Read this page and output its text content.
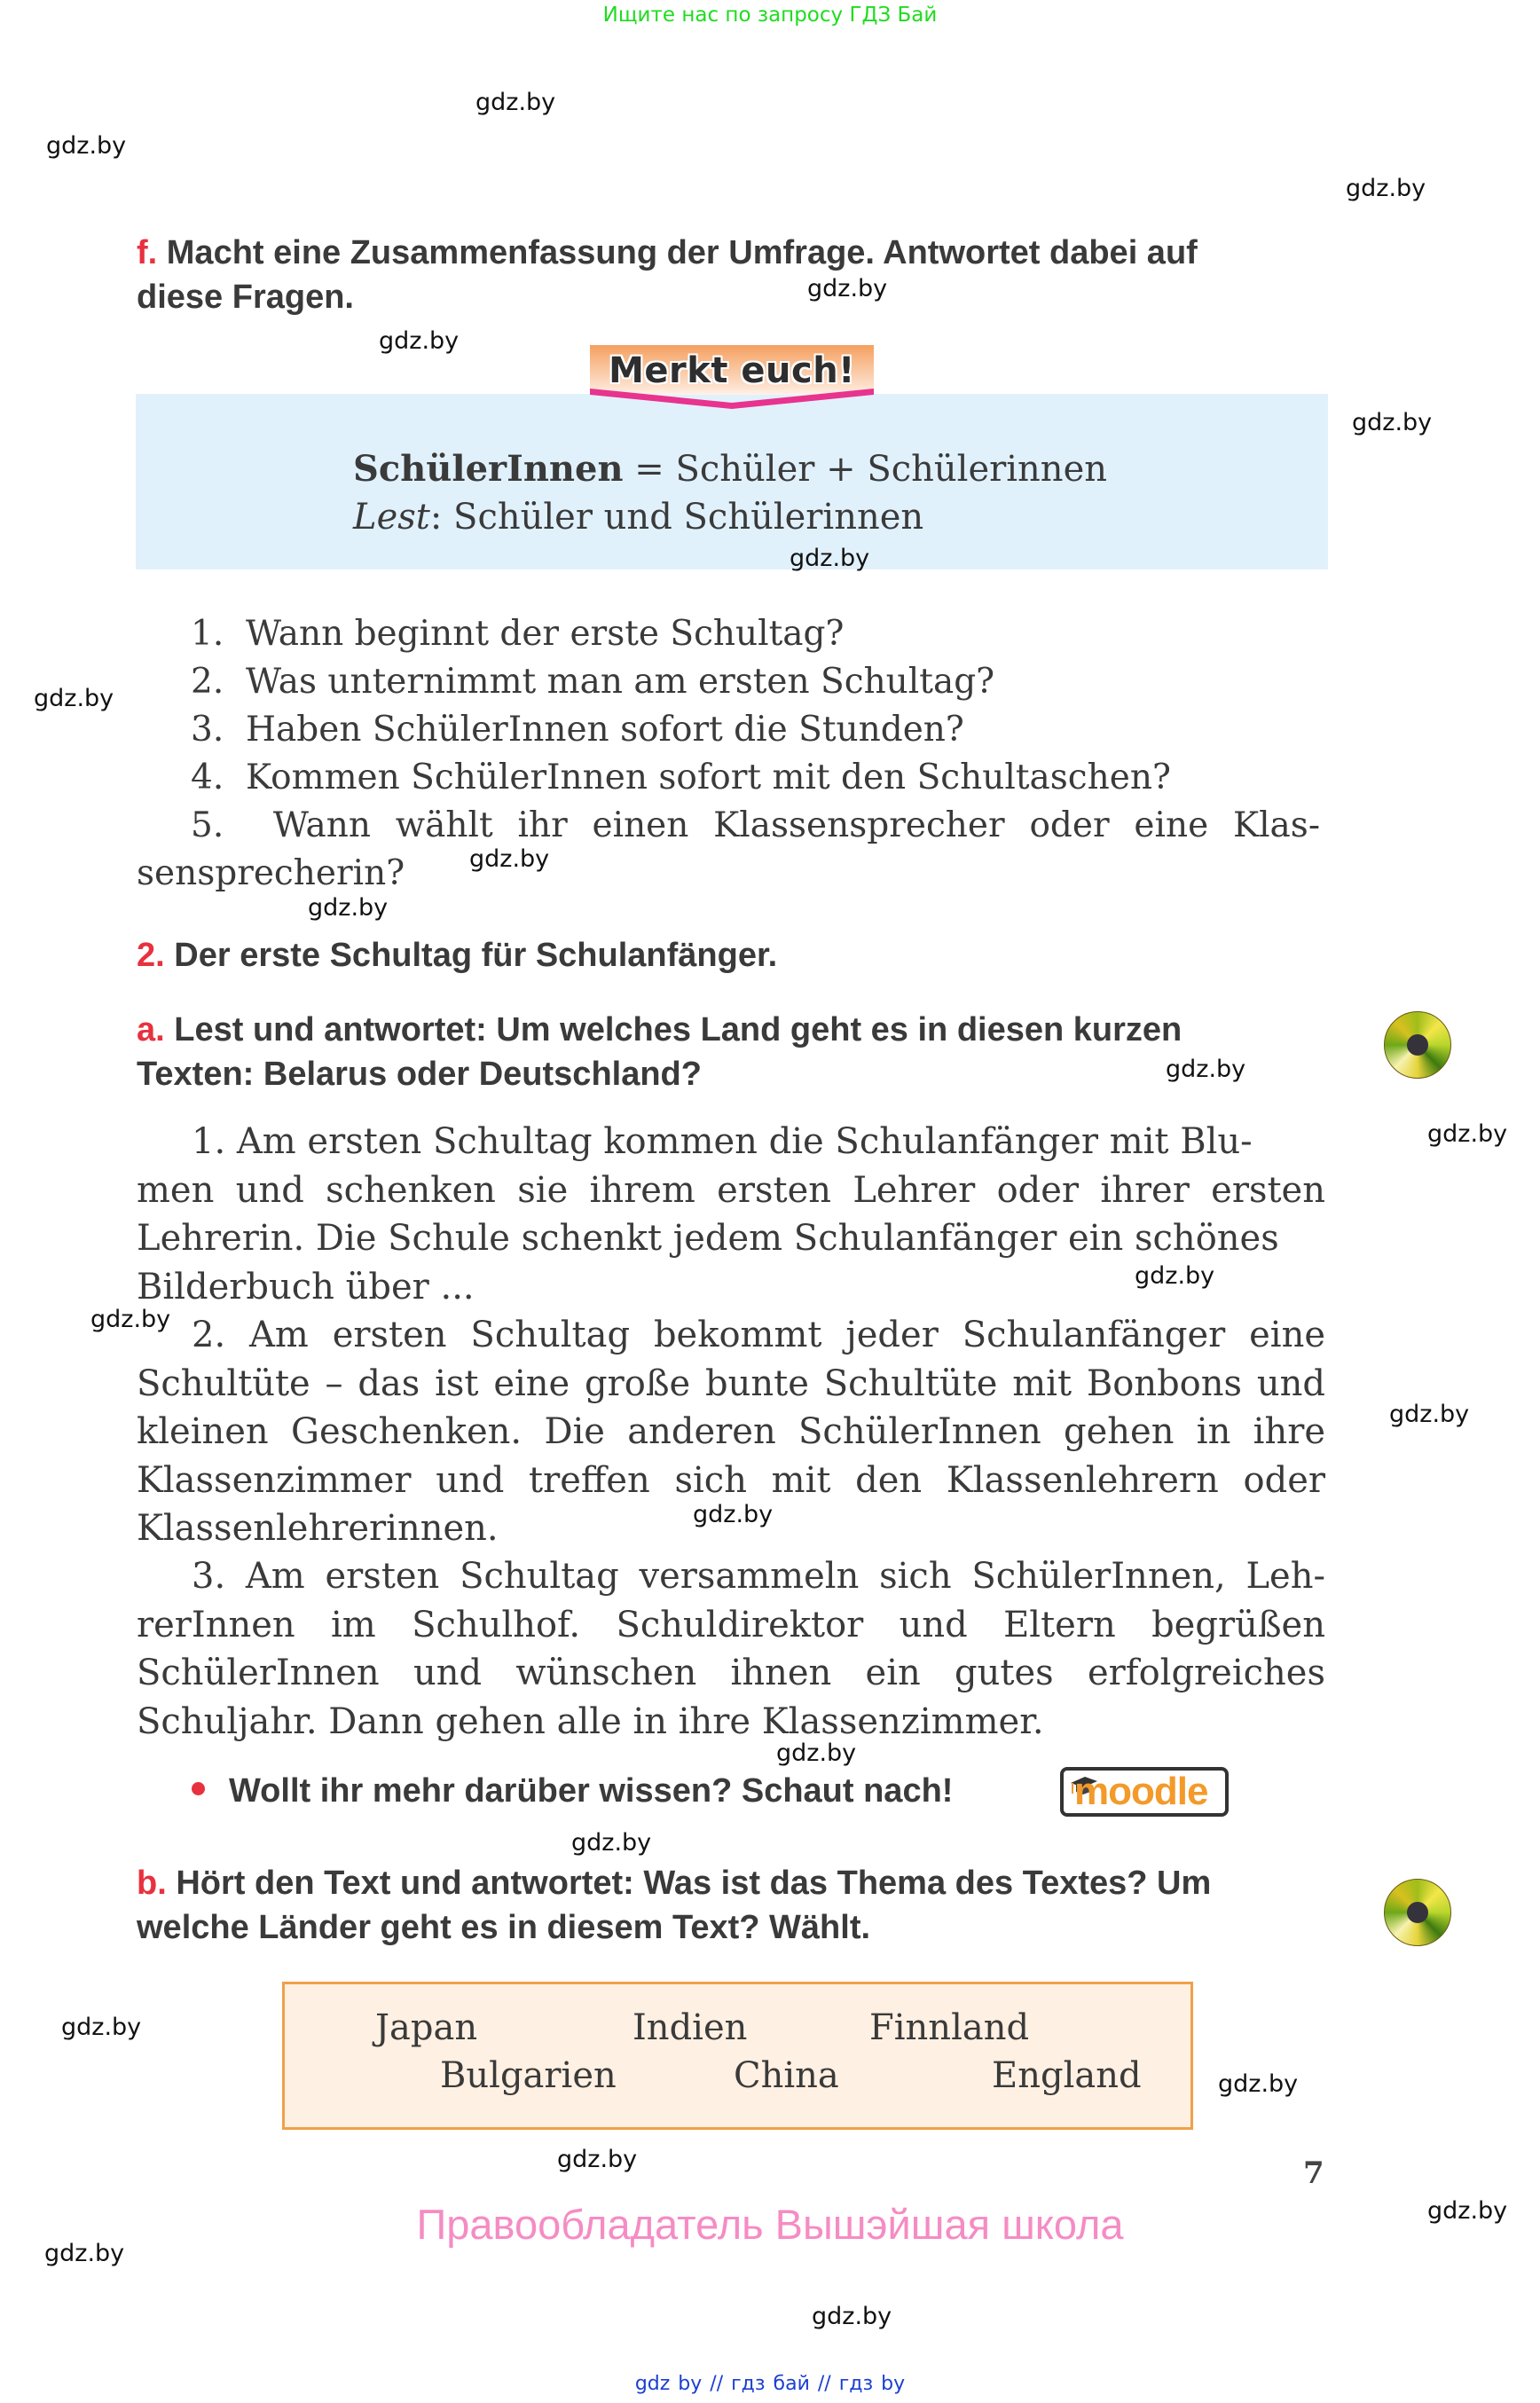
Ищите нас по запросу ГДЗ Бай
gdz.by
gdz.by
gdz.by
gdz.by
gdz.by
gdz.by
gdz.by
gdz.by
gdz.by
gdz.by
gdz.by
gdz.by
gdz.by
gdz.by
gdz.by
f. Macht eine Zusammenfassung der Umfrage. Antwortet dabei auf
diese Fragen.
Merkt euch!
SchülerInnen = Schüler + Schülerinnen
Lest: Schüler und Schülerinnen
gdz.by
1. Wann beginnt der erste Schultag?
2. Was unternimmt man am ersten Schultag?
3. Haben SchülerInnen sofort die Stunden?
4. Kommen SchülerInnen sofort mit den Schultaschen?
5. Wann wählt ihr einen Klassensprecher oder eine Klas-
sensprecherin?	gdz.by
gdz.by
2. Der erste Schultag für Schulanfänger.
a. Lest und antwortet: Um welches Land geht es in diesen kurzen
Texten: Belarus oder Deutschland?	gdz.by
1. Am ersten Schultag kommen die Schulanfänger mit Blu-
men und schenken sie ihrem ersten Lehrer oder ihrer ersten
Lehrerin. Die Schule schenkt jedem Schulanfänger ein schönes
Bilderbuch über ...	gdz.by
gdz.by 2. Am ersten Schultag bekommt jeder Schulanfänger eine
Schultüte – das ist eine große bunte Schultüte mit Bonbons und
kleinen Geschenken. Die anderen SchülerInnen gehen in ihre
Klassenzimmer und treffen sich mit den Klassenlehrern oder
Klassenlehrerinnen.	gdz.by
3. Am ersten Schultag versammeln sich SchülerInnen, Leh-
rerInnen im Schulhof. Schuldirektor und Eltern begrüßen
SchülerInnen und wünschen ihnen ein gutes erfolgreiches
Schuljahr. Dann gehen alle in ihre Klassenzimmer.
gdz.by
Wollt ihr mehr darüber wissen? Schaut nach!	moodle
gdz.by
b. Hört den Text und antwortet: Was ist das Thema des Textes? Um
welche Länder geht es in diesem Text? Wählt.
Japan	Indien	Finnland
Bulgarien	China	England
7
Правообладатель Вышэйшая школа
gdz by // гдз бай // гдз by
